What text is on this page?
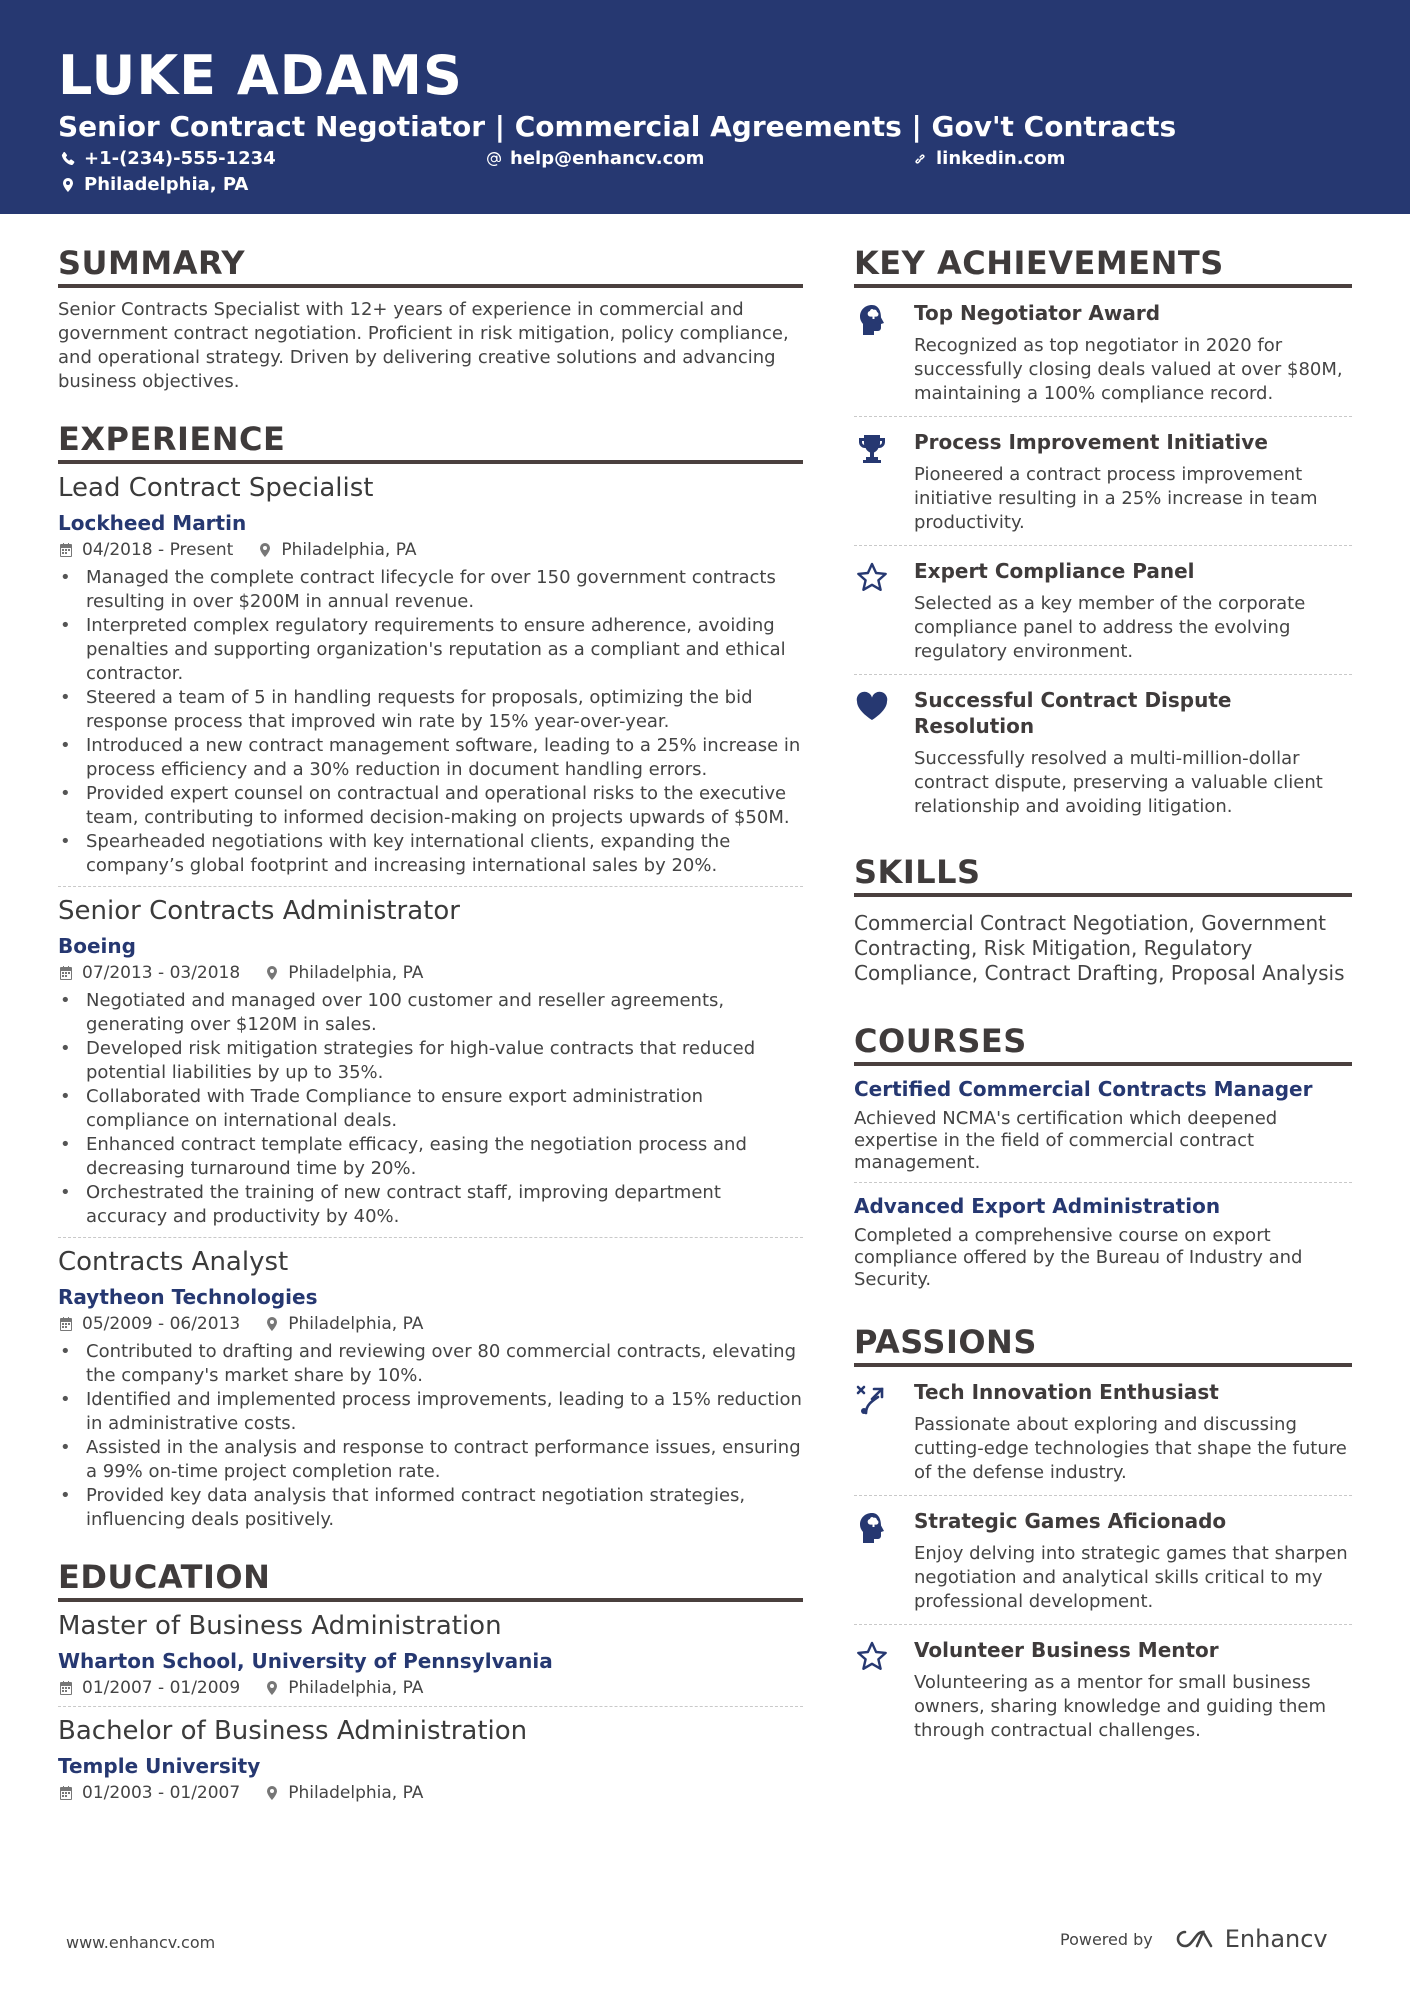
LUKE ADAMS
Senior Contract Negotiator | Commercial Agreements | Gov't Contracts
+1-(234)-555-1234	help@enhancv.com	linkedin.com
Philadelphia, PA
SUMMARY
Senior Contracts Specialist with 12+ years of experience in commercial and government contract negotiation. Proficient in risk mitigation, policy compliance, and operational strategy. Driven by delivering creative solutions and advancing business objectives.
EXPERIENCE
Lead Contract Specialist
Lockheed Martin
04/2018 - Present	Philadelphia, PA
• Managed the complete contract lifecycle for over 150 government contracts resulting in over $200M in annual revenue.
• Interpreted complex regulatory requirements to ensure adherence, avoiding penalties and supporting organization's reputation as a compliant and ethical contractor.
• Steered a team of 5 in handling requests for proposals, optimizing the bid response process that improved win rate by 15% year-over-year.
• Introduced a new contract management software, leading to a 25% increase in process efficiency and a 30% reduction in document handling errors.
• Provided expert counsel on contractual and operational risks to the executive team, contributing to informed decision-making on projects upwards of $50M.
• Spearheaded negotiations with key international clients, expanding the company’s global footprint and increasing international sales by 20%.
Senior Contracts Administrator
Boeing
07/2013 - 03/2018	Philadelphia, PA
• Negotiated and managed over 100 customer and reseller agreements, generating over $120M in sales.
• Developed risk mitigation strategies for high-value contracts that reduced potential liabilities by up to 35%.
• Collaborated with Trade Compliance to ensure export administration compliance on international deals.
• Enhanced contract template efficacy, easing the negotiation process and decreasing turnaround time by 20%.
• Orchestrated the training of new contract staff, improving department accuracy and productivity by 40%.
Contracts Analyst
Raytheon Technologies
05/2009 - 06/2013	Philadelphia, PA
• Contributed to drafting and reviewing over 80 commercial contracts, elevating the company's market share by 10%.
• Identified and implemented process improvements, leading to a 15% reduction in administrative costs.
• Assisted in the analysis and response to contract performance issues, ensuring a 99% on-time project completion rate.
• Provided key data analysis that informed contract negotiation strategies, influencing deals positively.
EDUCATION
Master of Business Administration
Wharton School, University of Pennsylvania
01/2007 - 01/2009	Philadelphia, PA
Bachelor of Business Administration
Temple University
01/2003 - 01/2007	Philadelphia, PA
KEY ACHIEVEMENTS
Top Negotiator Award
Recognized as top negotiator in 2020 for successfully closing deals valued at over $80M, maintaining a 100% compliance record.
Process Improvement Initiative
Pioneered a contract process improvement initiative resulting in a 25% increase in team productivity.
Expert Compliance Panel
Selected as a key member of the corporate compliance panel to address the evolving regulatory environment.
Successful Contract Dispute Resolution
Successfully resolved a multi-million-dollar contract dispute, preserving a valuable client relationship and avoiding litigation.
SKILLS
Commercial Contract Negotiation, Government Contracting, Risk Mitigation, Regulatory Compliance, Contract Drafting, Proposal Analysis
COURSES
Certified Commercial Contracts Manager
Achieved NCMA's certification which deepened expertise in the field of commercial contract management.
Advanced Export Administration
Completed a comprehensive course on export compliance offered by the Bureau of Industry and Security.
PASSIONS
Tech Innovation Enthusiast
Passionate about exploring and discussing cutting-edge technologies that shape the future of the defense industry.
Strategic Games Aficionado
Enjoy delving into strategic games that sharpen negotiation and analytical skills critical to my professional development.
Volunteer Business Mentor
Volunteering as a mentor for small business owners, sharing knowledge and guiding them through contractual challenges.
www.enhancv.com	Powered by	Enhancv
